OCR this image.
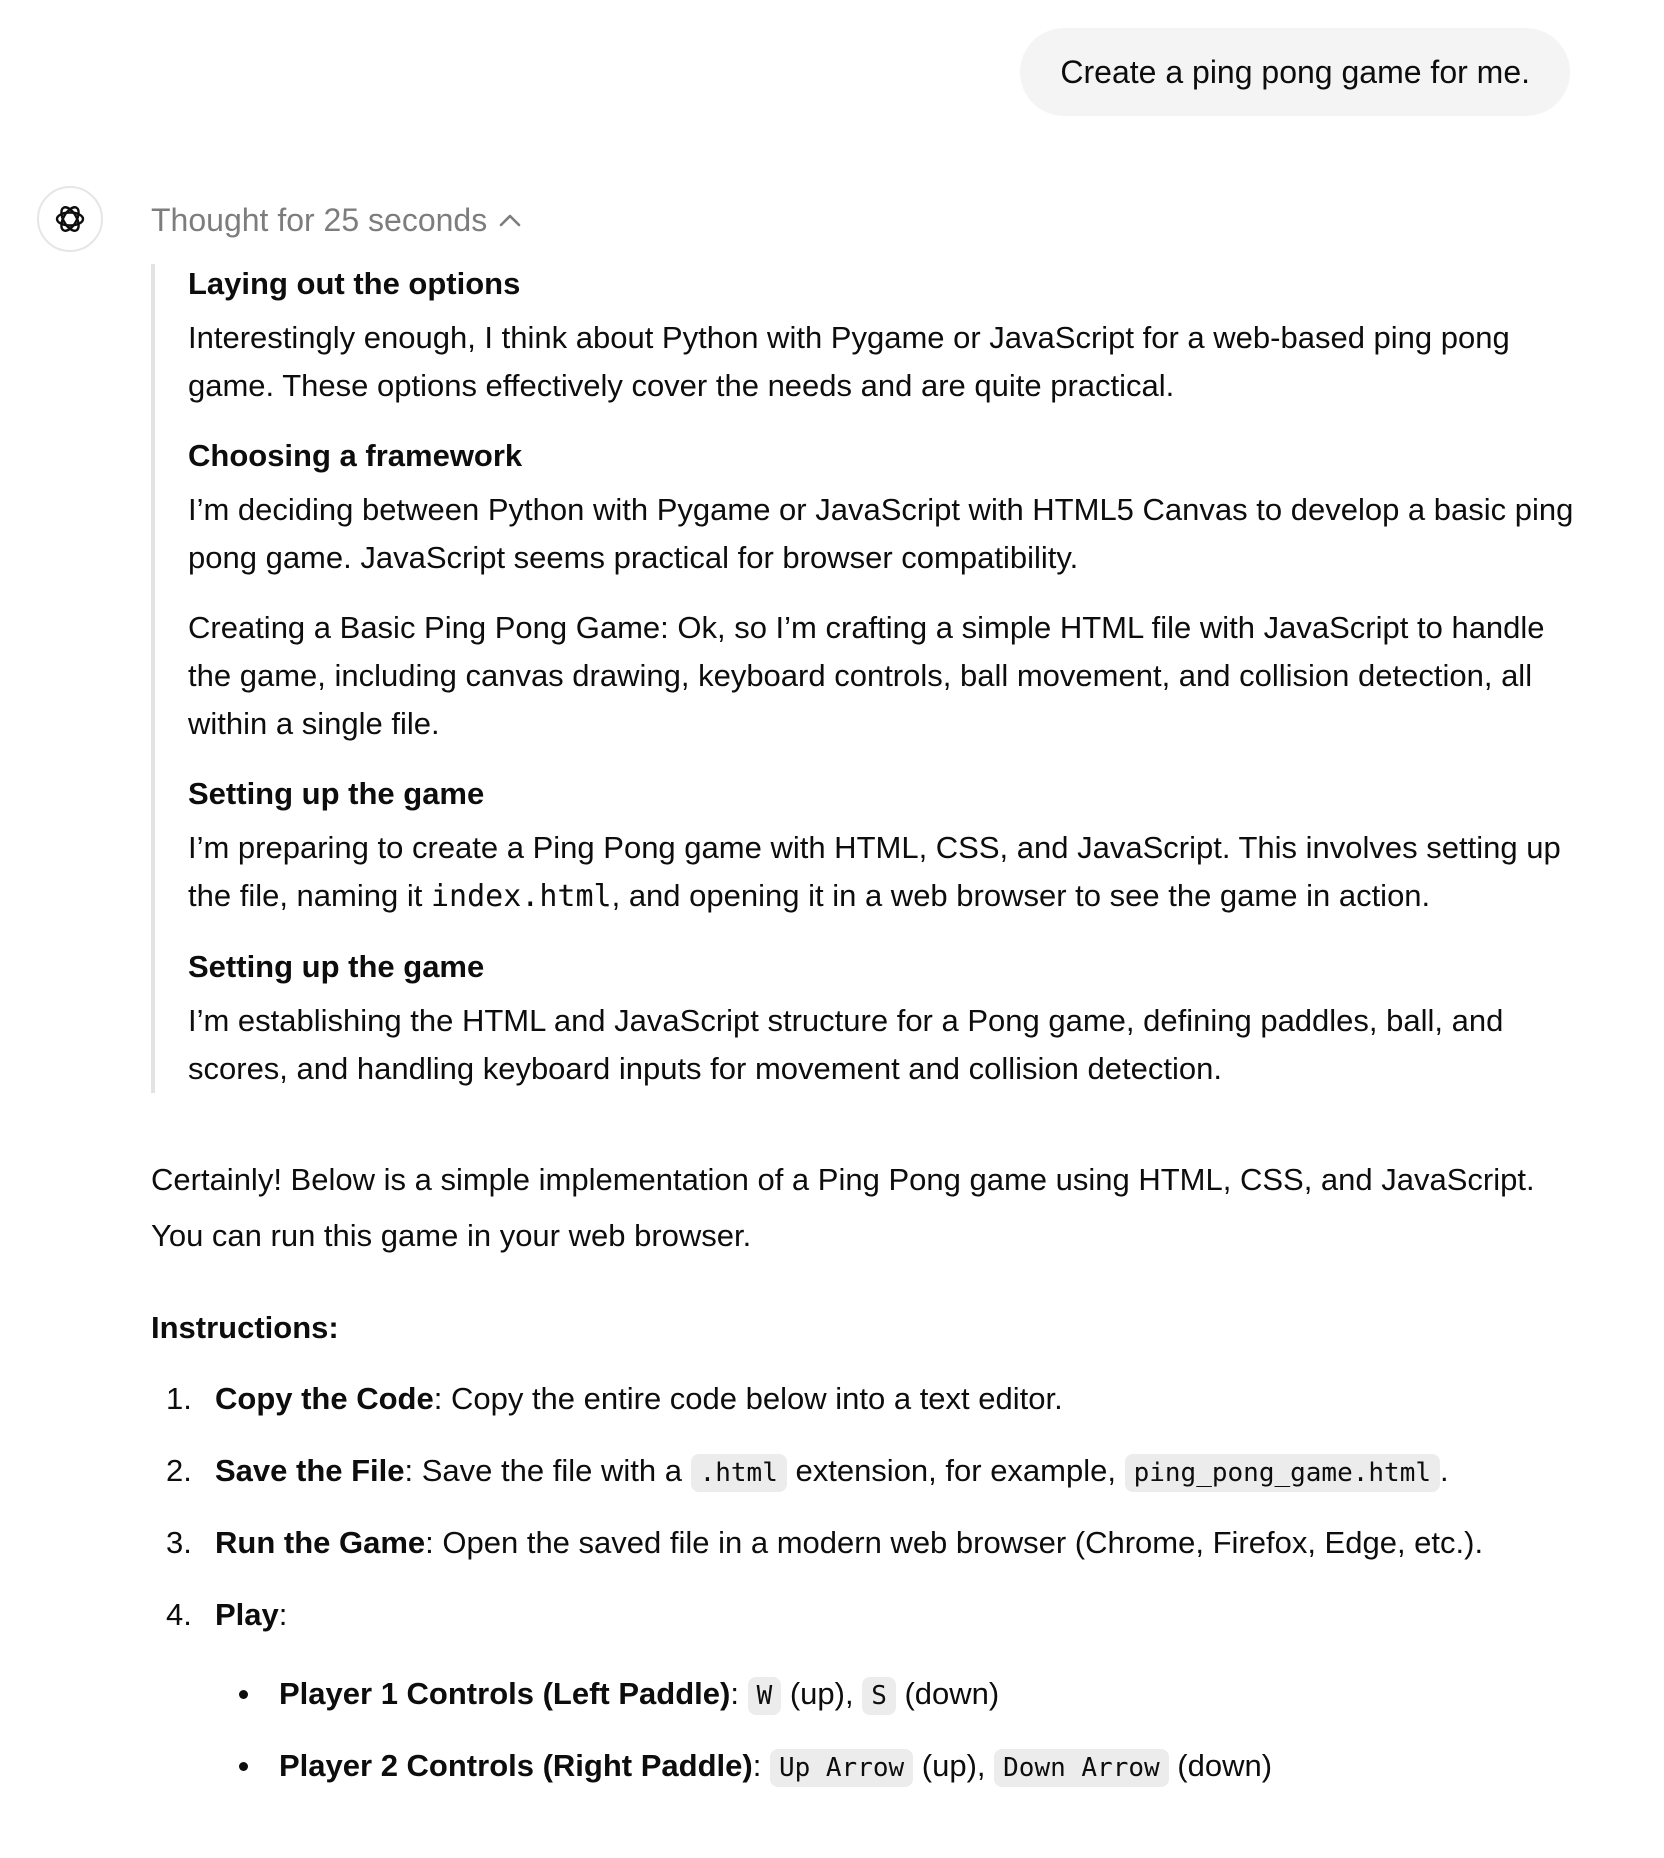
Create a ping pong game for me.
Thought for 25 seconds

Laying out the options

Interestingly enough, I think about Python with Pygame or JavaScript for a web-based ping pong game. These options effectively cover the needs and are quite practical.

Choosing a framework

I’m deciding between Python with Pygame or JavaScript with HTML5 Canvas to develop a basic ping pong game. JavaScript seems practical for browser compatibility.

Creating a Basic Ping Pong Game: Ok, so I’m crafting a simple HTML file with JavaScript to handle the game, including canvas drawing, keyboard controls, ball movement, and collision detection, all within a single file.

Setting up the game

I’m preparing to create a Ping Pong game with HTML, CSS, and JavaScript. This involves setting up the file, naming it index.html, and opening it in a web browser to see the game in action.

Setting up the game

I’m establishing the HTML and JavaScript structure for a Pong game, defining paddles, ball, and scores, and handling keyboard inputs for movement and collision detection.

Certainly! Below is a simple implementation of a Ping Pong game using HTML, CSS, and JavaScript. You can run this game in your web browser.

Instructions:

1. Copy the Code: Copy the entire code below into a text editor.
2. Save the File: Save the file with a .html extension, for example, ping_pong_game.html .
3. Run the Game: Open the saved file in a modern web browser (Chrome, Firefox, Edge, etc.).
4. Play:
Player 1 Controls (Left Paddle): W (up), S (down)
Player 2 Controls (Right Paddle): Up Arrow (up), Down Arrow (down)
